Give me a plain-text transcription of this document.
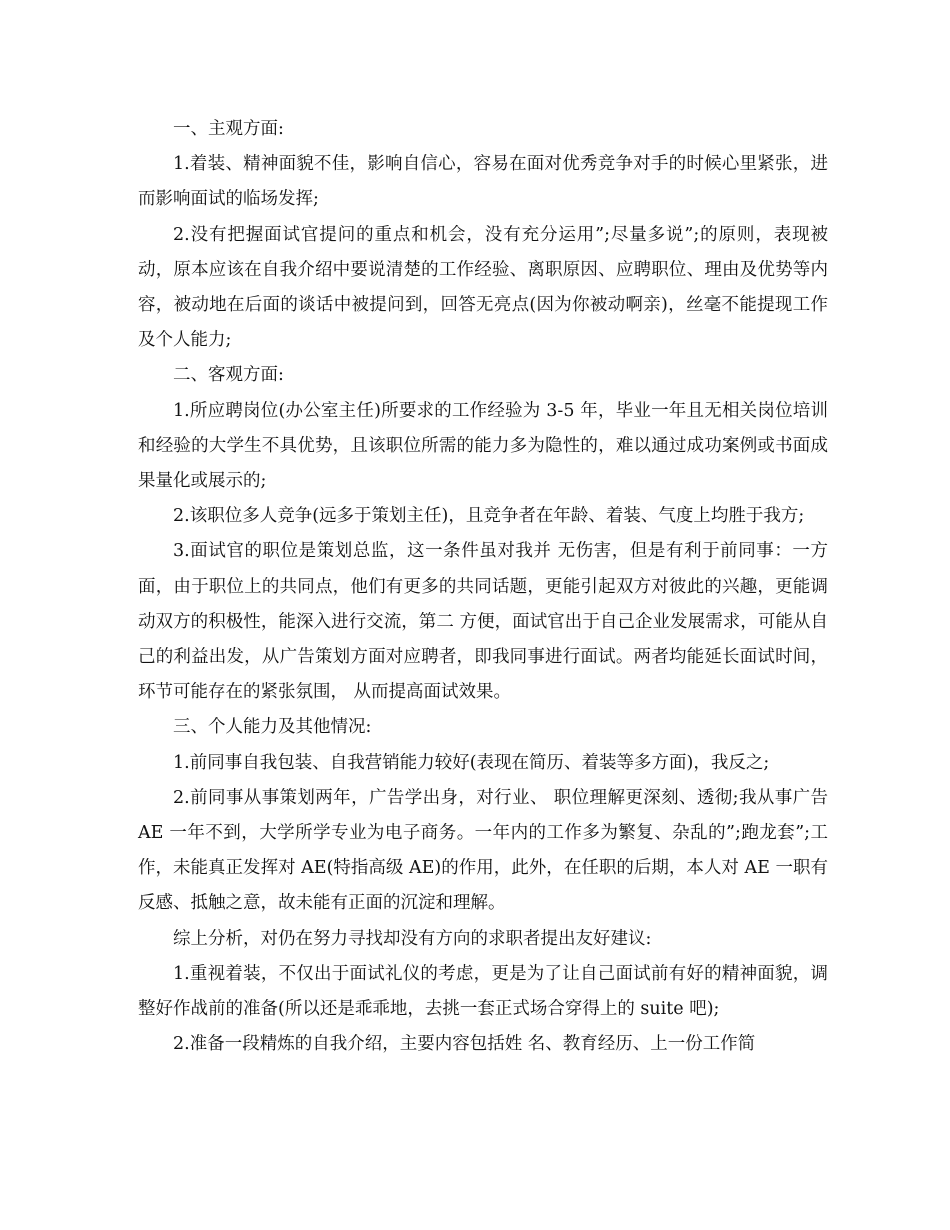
一、主观方面:

1.着装、精神面貌不佳，影响自信心，容易在面对优秀竞争对手的时候心里紧张，进而影响面试的临场发挥;

2.没有把握面试官提问的重点和机会，没有充分运用”;尽量多说”;的原则，表现被动，原本应该在自我介绍中要说清楚的工作经验、离职原因、应聘职位、理由及优势等内容，被动地在后面的谈话中被提问到，回答无亮点(因为你被动啊亲)，丝毫不能提现工作及个人能力;

二、客观方面:

1.所应聘岗位(办公室主任)所要求的工作经验为 3-5 年，毕业一年且无相关岗位培训和经验的大学生不具优势，且该职位所需的能力多为隐性的，难以通过成功案例或书面成果量化或展示的;

2.该职位多人竞争(远多于策划主任)，且竞争者在年龄、着装、气度上均胜于我方;

3.面试官的职位是策划总监，这一条件虽对我并 无伤害，但是有利于前同事：一方面，由于职位上的共同点，他们有更多的共同话题，更能引起双方对彼此的兴趣，更能调动双方的积极性，能深入进行交流，第二 方便，面试官出于自己企业发展需求，可能从自己的利益出发，从广告策划方面对应聘者，即我同事进行面试。两者均能延长面试时间，环节可能存在的紧张氛围， 从而提高面试效果。

三、个人能力及其他情况:

1.前同事自我包装、自我营销能力较好(表现在简历、着装等多方面)，我反之;

2.前同事从事策划两年，广告学出身，对行业、 职位理解更深刻、透彻;我从事广告 AE 一年不到，大学所学专业为电子商务。一年内的工作多为繁复、杂乱的”;跑龙套”;工作，未能真正发挥对 AE(特指高级 AE)的作用，此外，在任职的后期，本人对 AE 一职有反感、抵触之意，故未能有正面的沉淀和理解。

综上分析，对仍在努力寻找却没有方向的求职者提出友好建议:

1.重视着装，不仅出于面试礼仪的考虑，更是为了让自己面试前有好的精神面貌，调整好作战前的准备(所以还是乖乖地，去挑一套正式场合穿得上的 suite 吧);

2.准备一段精炼的自我介绍，主要内容包括姓 名、教育经历、上一份工作简
